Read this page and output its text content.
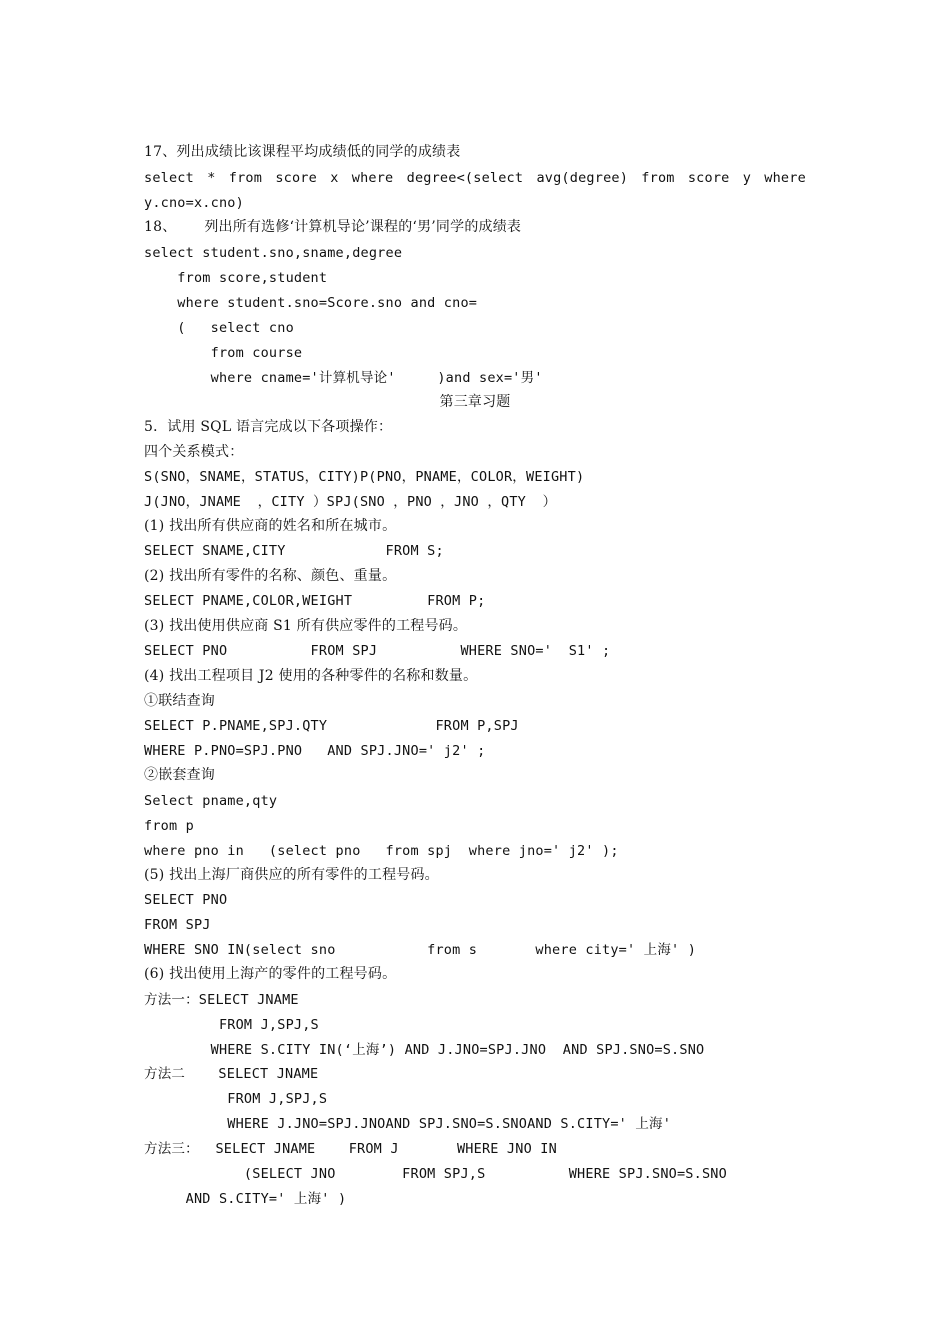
17、列出成绩比该课程平均成绩低的同学的成绩表
select * from score x where degree<(select avg(degree) from score y where
y.cno=x.cno)
18、      列出所有选修‘计算机导论’课程的‘男’同学的成绩表
select student.sno,sname,degree
from score,student
where student.sno=Score.sno and cno=
(   select cno
from course
where cname='计算机导论'     )and sex='男'
第三章习题
5．试用 SQL 语言完成以下各项操作：
四个关系模式：
S(SNO，SNAME，STATUS，CITY)P(PNO，PNAME，COLOR，WEIGHT)
J(JNO，JNAME  ，CITY ）SPJ(SNO ，PNO ，JNO ，QTY  ）
(1) 找出所有供应商的姓名和所在城市。
SELECT SNAME,CITY            FROM S;
(2) 找出所有零件的名称、颜色、重量。
SELECT PNAME,COLOR,WEIGHT         FROM P;
(3) 找出使用供应商 S1 所有供应零件的工程号码。
SELECT PNO          FROM SPJ          WHERE SNO='  S1' ;
(4) 找出工程项目 J2 使用的各种零件的名称和数量。
①联结查询
SELECT P.PNAME,SPJ.QTY             FROM P,SPJ
WHERE P.PNO=SPJ.PNO   AND SPJ.JNO=' j2' ;
②嵌套查询
Select pname,qty
from p
where pno in   (select pno   from spj  where jno=' j2' );
(5) 找出上海厂商供应的所有零件的工程号码。
SELECT PNO
FROM SPJ
WHERE SNO IN(select sno           from s       where city=' 上海' )
(6) 找出使用上海产的零件的工程号码。
方法一：SELECT JNAME
FROM J,SPJ,S
WHERE S.CITY IN(‘上海’) AND J.JNO=SPJ.JNO  AND SPJ.SNO=S.SNO
方法二    SELECT JNAME
FROM J,SPJ,S
WHERE J.JNO=SPJ.JNOAND SPJ.SNO=S.SNOAND S.CITY=' 上海'
方法三：  SELECT JNAME    FROM J       WHERE JNO IN
(SELECT JNO        FROM SPJ,S          WHERE SPJ.SNO=S.SNO
AND S.CITY=' 上海' )
